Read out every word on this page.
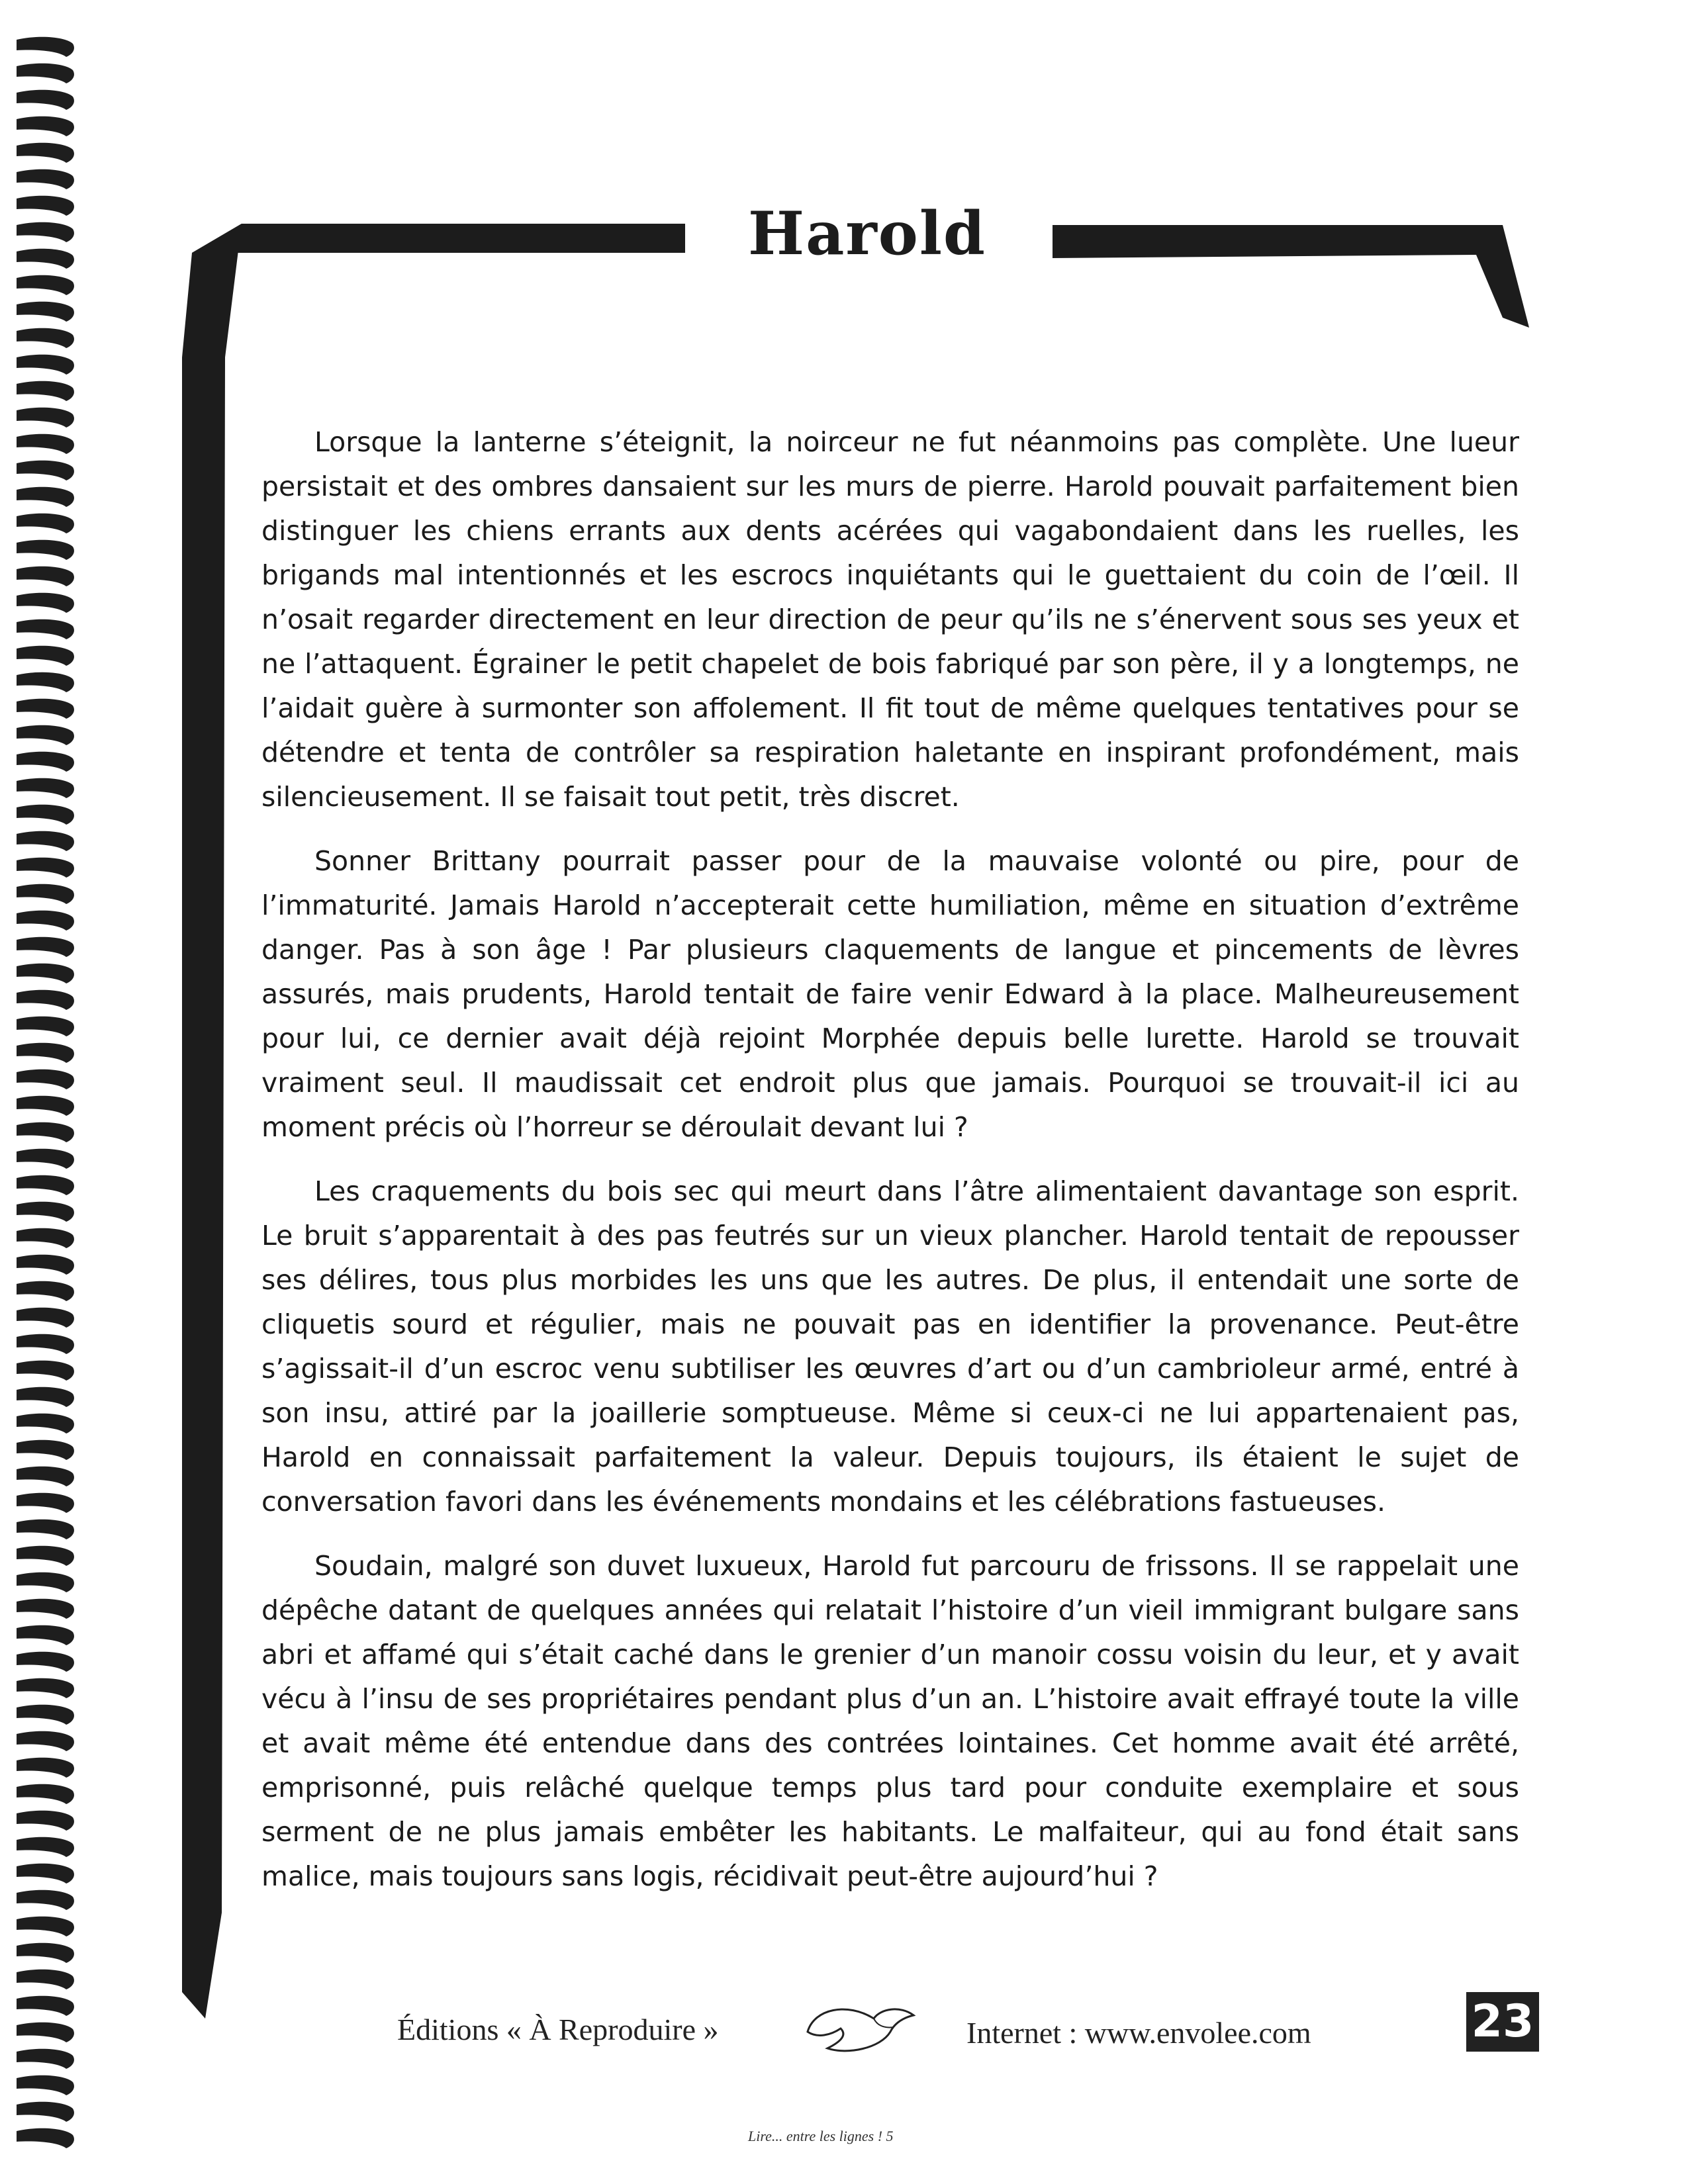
Harold

Lorsque la lanterne s’éteignit, la noirceur ne fut néanmoins pas complète. Une lueur persistait et des ombres dansaient sur les murs de pierre. Harold pouvait parfaitement bien distinguer les chiens errants aux dents acérées qui vagabondaient dans les ruelles, les brigands mal intentionnés et les escrocs inquiétants qui le guettaient du coin de l’œil. Il n’osait regarder directement en leur direction de peur qu’ils ne s’énervent sous ses yeux et ne l’attaquent. Égrainer le petit chapelet de bois fabriqué par son père, il y a longtemps, ne l’aidait guère à surmonter son affolement. Il fit tout de même quelques tentatives pour se détendre et tenta de contrôler sa respiration haletante en inspirant profondément, mais silencieusement. Il se faisait tout petit, très discret.

Sonner Brittany pourrait passer pour de la mauvaise volonté ou pire, pour de l’immaturité. Jamais Harold n’accepterait cette humiliation, même en situation d’extrême danger. Pas à son âge ! Par plusieurs claquements de langue et pincements de lèvres assurés, mais prudents, Harold tentait de faire venir Edward à la place. Malheureusement pour lui, ce dernier avait déjà rejoint Morphée depuis belle lurette. Harold se trouvait vraiment seul. Il maudissait cet endroit plus que jamais. Pourquoi se trouvait-il ici au moment précis où l’horreur se déroulait devant lui ?

Les craquements du bois sec qui meurt dans l’âtre alimentaient davantage son esprit. Le bruit s’apparentait à des pas feutrés sur un vieux plancher. Harold tentait de repousser ses délires, tous plus morbides les uns que les autres. De plus, il entendait une sorte de cliquetis sourd et régulier, mais ne pouvait pas en identifier la provenance. Peut-être s’agissait-il d’un escroc venu subtiliser les œuvres d’art ou d’un cambrioleur armé, entré à son insu, attiré par la joaillerie somptueuse. Même si ceux-ci ne lui appartenaient pas, Harold en connaissait parfaitement la valeur. Depuis toujours, ils étaient le sujet de conversation favori dans les événements mondains et les célébrations fastueuses.

Soudain, malgré son duvet luxueux, Harold fut parcouru de frissons. Il se rappelait une dépêche datant de quelques années qui relatait l’histoire d’un vieil immigrant bulgare sans abri et affamé qui s’était caché dans le grenier d’un manoir cossu voisin du leur, et y avait vécu à l’insu de ses propriétaires pendant plus d’un an. L’histoire avait effrayé toute la ville et avait même été entendue dans des contrées lointaines. Cet homme avait été arrêté, emprisonné, puis relâché quelque temps plus tard pour conduite exemplaire et sous serment de ne plus jamais embêter les habitants. Le malfaiteur, qui au fond était sans malice, mais toujours sans logis, récidivait peut-être aujourd’hui ?

Éditions « À Reproduire »	Internet : www.envolee.com
Lire... entre les lignes ! 5
23
